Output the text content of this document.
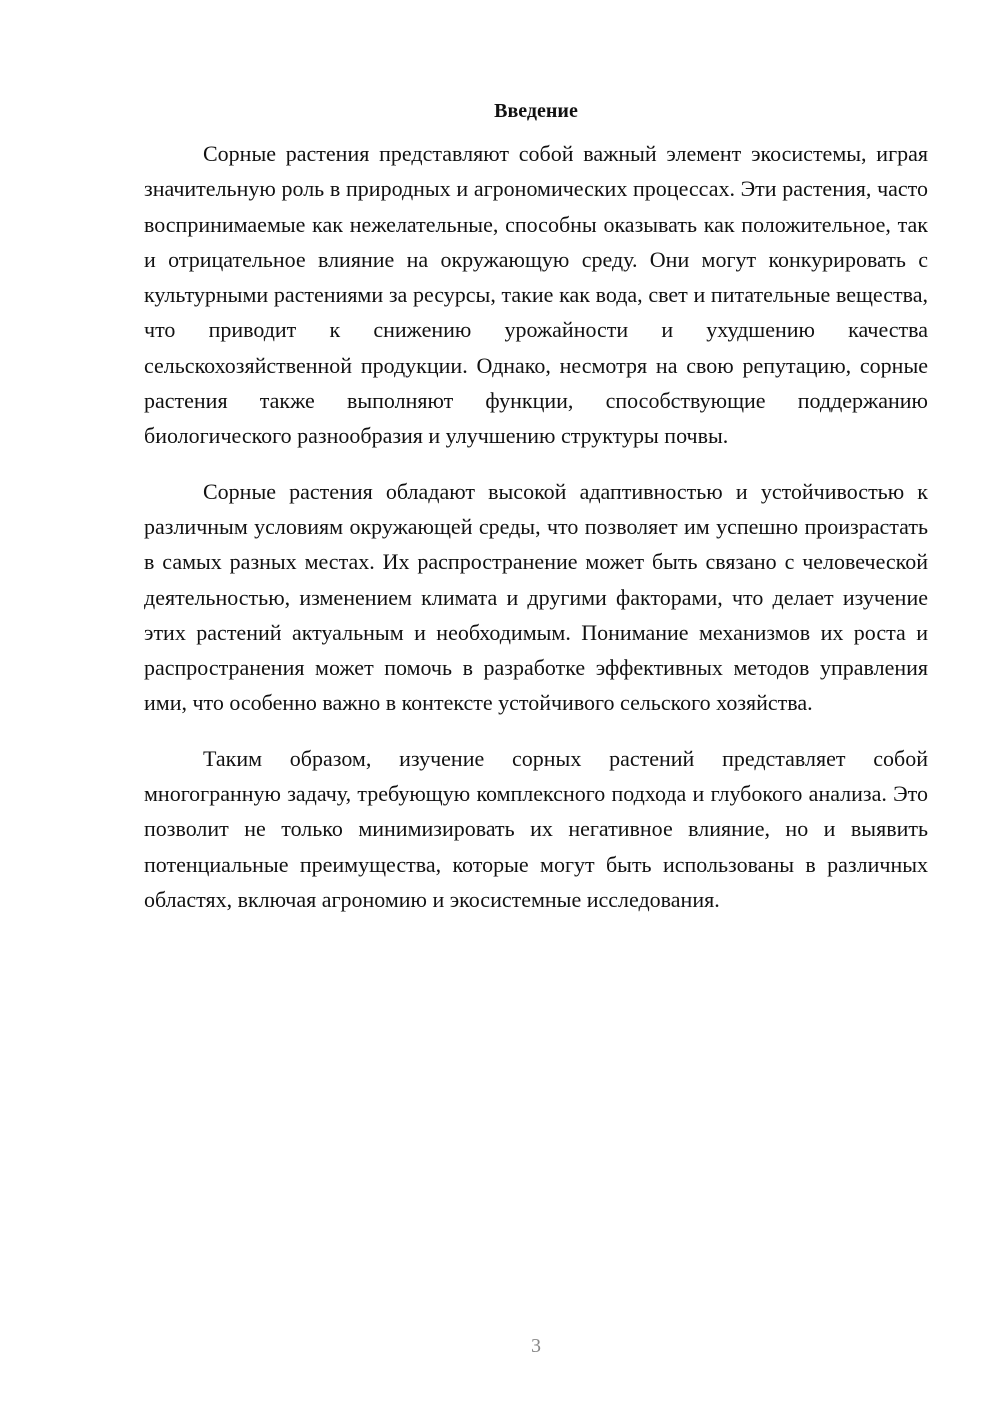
Введение

Сорные растения представляют собой важный элемент экосистемы, играя значительную роль в природных и агрономических процессах. Эти растения, часто воспринимаемые как нежелательные, способны оказывать как положительное, так и отрицательное влияние на окружающую среду. Они могут конкурировать с культурными растениями за ресурсы, такие как вода, свет и питательные вещества, что приводит к снижению урожайности и ухудшению качества сельскохозяйственной продукции. Однако, несмотря на свою репутацию, сорные растения также выполняют функции, способствующие поддержанию биологического разнообразия и улучшению структуры почвы.

Сорные растения обладают высокой адаптивностью и устойчивостью к различным условиям окружающей среды, что позволяет им успешно произрастать в самых разных местах. Их распространение может быть связано с человеческой деятельностью, изменением климата и другими факторами, что делает изучение этих растений актуальным и необходимым. Понимание механизмов их роста и распространения может помочь в разработке эффективных методов управления ими, что особенно важно в контексте устойчивого сельского хозяйства.

Таким образом, изучение сорных растений представляет собой многогранную задачу, требующую комплексного подхода и глубокого анализа. Это позволит не только минимизировать их негативное влияние, но и выявить потенциальные преимущества, которые могут быть использованы в различных областях, включая агрономию и экосистемные исследования.

3
